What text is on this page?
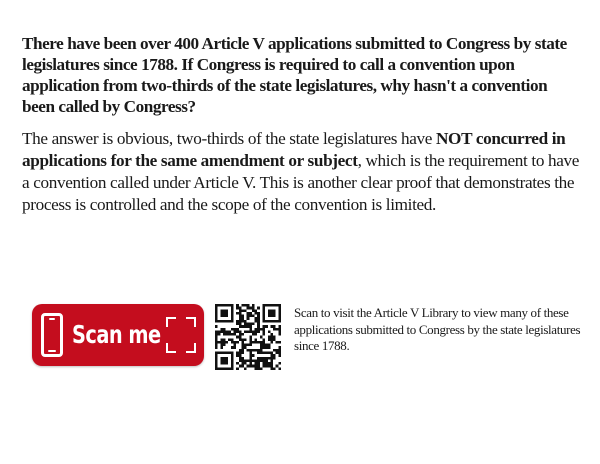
There have been over 400 Article V applications submitted to Congress by state legislatures since 1788. If Congress is required to call a convention upon application from two-thirds of the state legislatures, why hasn't a convention been called by Congress?

The answer is obvious, two-thirds of the state legislatures have NOT concurred in applications for the same amendment or subject, which is the requirement to have a convention called under Article V. This is another clear proof that demonstrates the process is controlled and the scope of the convention is limited.

Scan me

Scan to visit the Article V Library to view many of these applications submitted to Congress by the state legislatures since 1788.
